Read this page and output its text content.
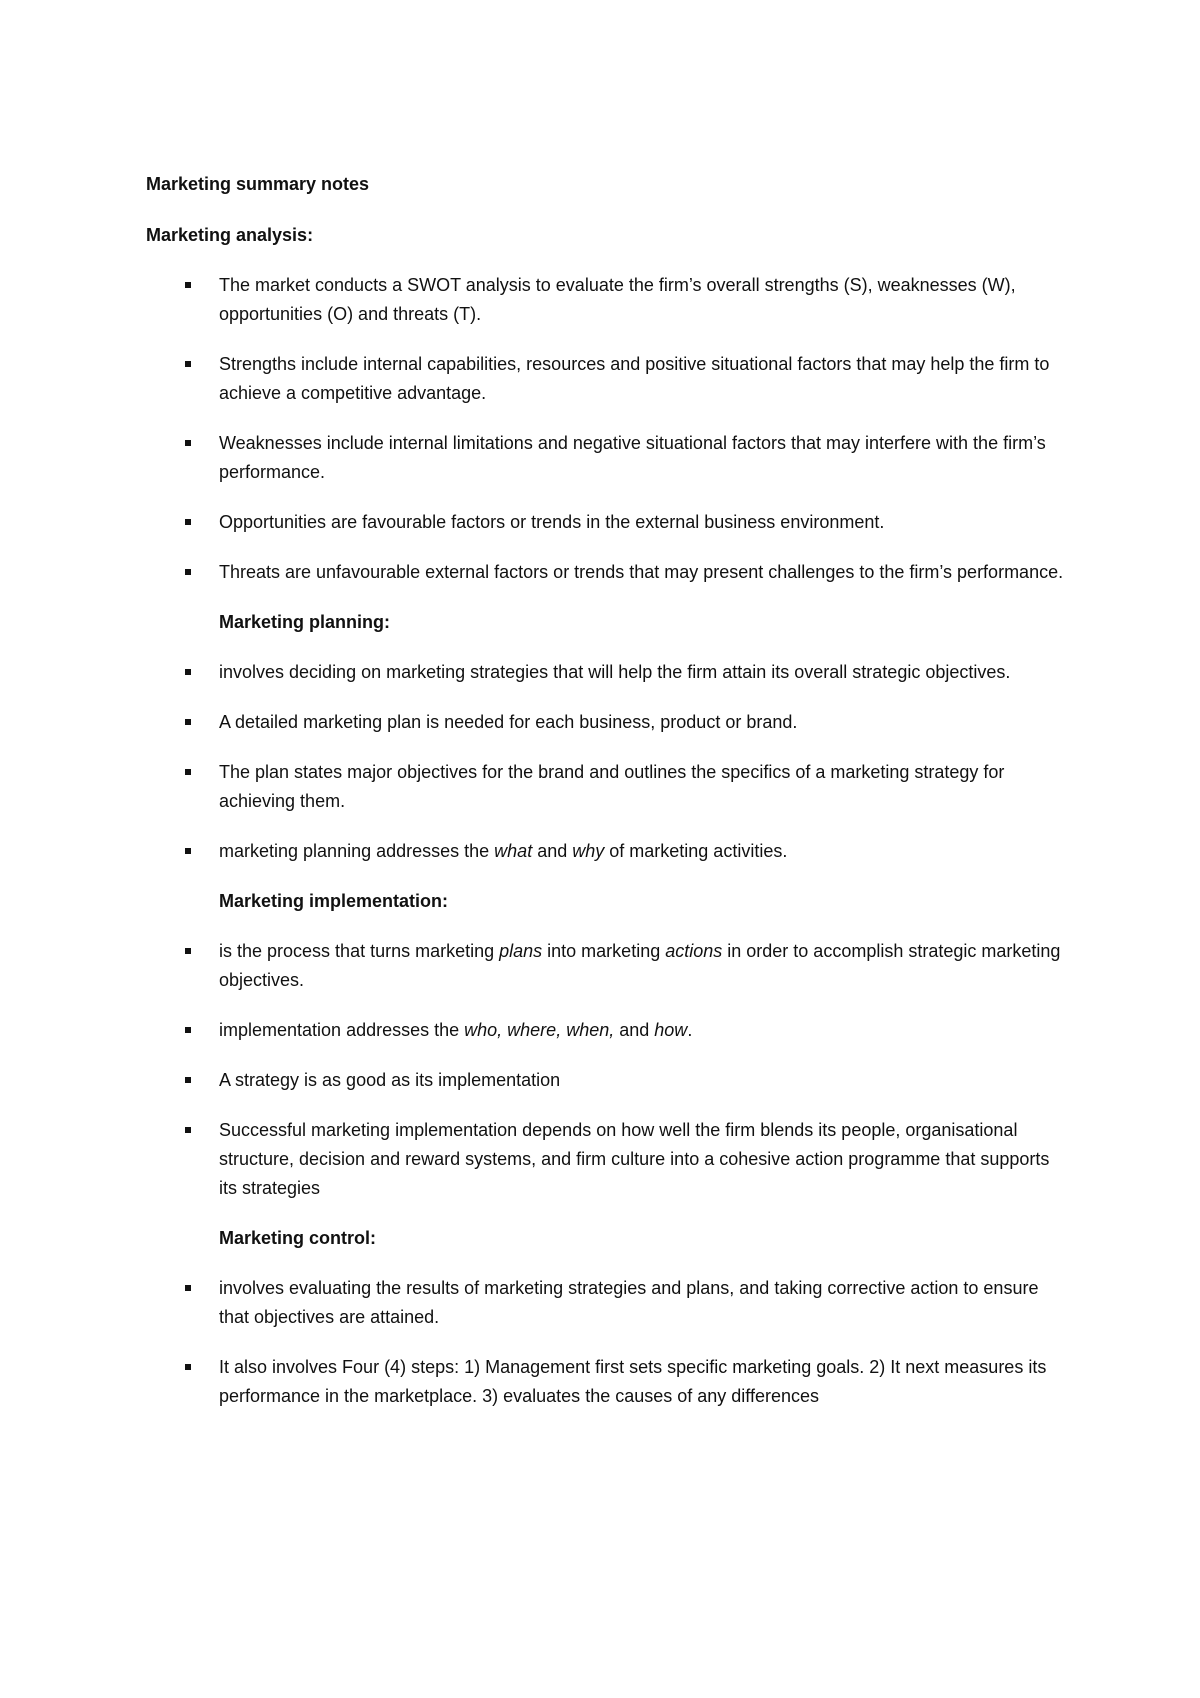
Marketing summary notes

Marketing analysis:

The market conducts a SWOT analysis to evaluate the firm’s overall strengths (S), weaknesses (W), opportunities (O) and threats (T).
Strengths include internal capabilities, resources and positive situational factors that may help the firm to achieve a competitive advantage.
Weaknesses include internal limitations and negative situational factors that may interfere with the firm’s performance.
Opportunities are favourable factors or trends in the external business environment.
Threats are unfavourable external factors or trends that may present challenges to the firm’s performance.

Marketing planning:

involves deciding on marketing strategies that will help the firm attain its overall strategic objectives.
A detailed marketing plan is needed for each business, product or brand.
The plan states major objectives for the brand and outlines the specifics of a marketing strategy for achieving them.
marketing planning addresses the what and why of marketing activities.

Marketing implementation:

is the process that turns marketing plans into marketing actions in order to accomplish strategic marketing objectives.
implementation addresses the who, where, when, and how.
A strategy is as good as its implementation
Successful marketing implementation depends on how well the firm blends its people, organisational structure, decision and reward systems, and firm culture into a cohesive action programme that supports its strategies

Marketing control:

involves evaluating the results of marketing strategies and plans, and taking corrective action to ensure that objectives are attained.
It also involves Four (4) steps: 1) Management first sets specific marketing goals. 2) It next measures its performance in the marketplace. 3) evaluates the causes of any differences
